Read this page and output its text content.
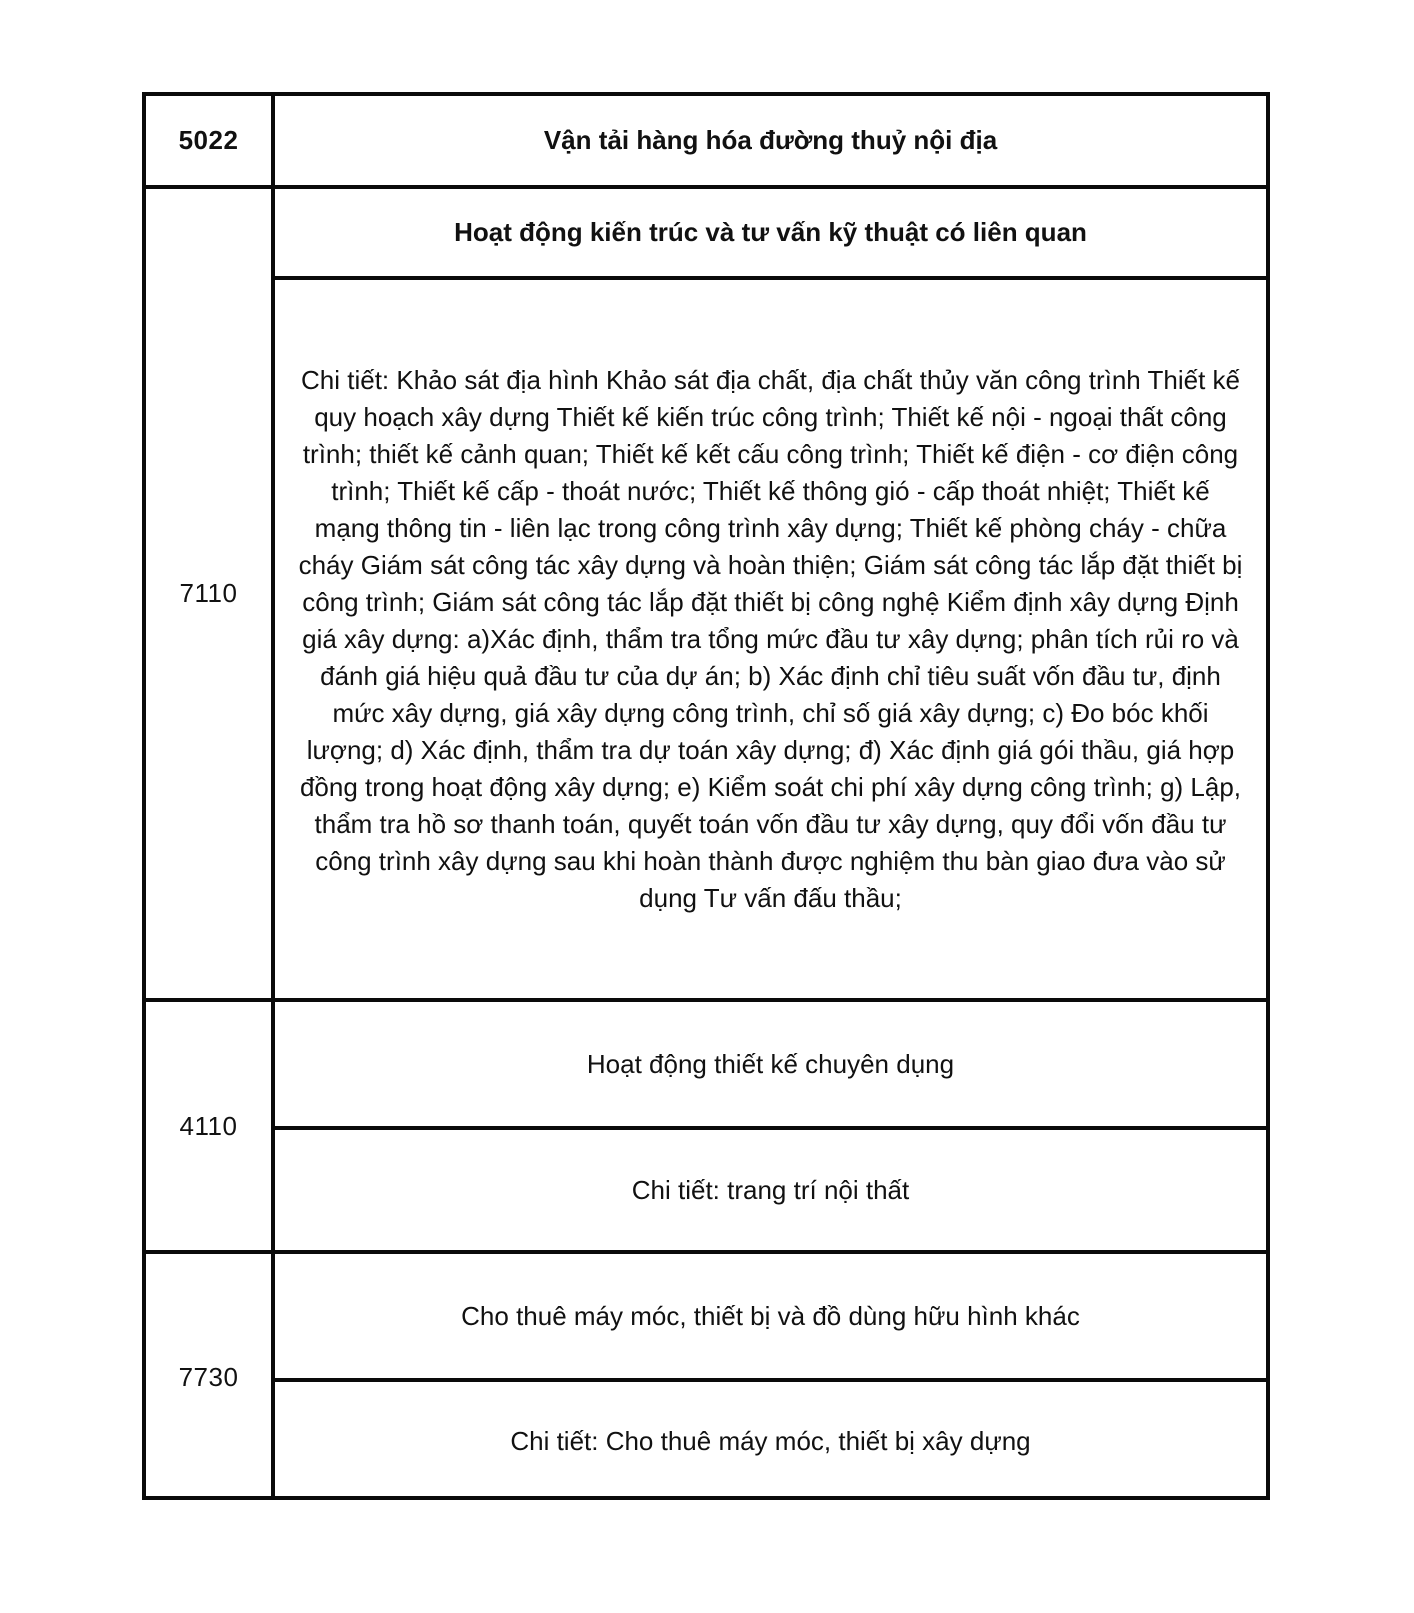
5022	Vận tải hàng hóa đường thuỷ nội địa
7110
Hoạt động kiến trúc và tư vấn kỹ thuật có liên quan
Chi tiết: Khảo sát địa hình Khảo sát địa chất, địa chất thủy văn công trình Thiết kế quy hoạch xây dựng Thiết kế kiến trúc công trình; Thiết kế nội - ngoại thất công trình; thiết kế cảnh quan; Thiết kế kết cấu công trình; Thiết kế điện - cơ điện công trình; Thiết kế cấp - thoát nước; Thiết kế thông gió - cấp thoát nhiệt; Thiết kế mạng thông tin - liên lạc trong công trình xây dựng; Thiết kế phòng cháy - chữa cháy Giám sát công tác xây dựng và hoàn thiện; Giám sát công tác lắp đặt thiết bị công trình; Giám sát công tác lắp đặt thiết bị công nghệ Kiểm định xây dựng Định giá xây dựng: a)Xác định, thẩm tra tổng mức đầu tư xây dựng; phân tích rủi ro và đánh giá hiệu quả đầu tư của dự án; b) Xác định chỉ tiêu suất vốn đầu tư, định mức xây dựng, giá xây dựng công trình, chỉ số giá xây dựng; c) Đo bóc khối lượng; d) Xác định, thẩm tra dự toán xây dựng; đ) Xác định giá gói thầu, giá hợp đồng trong hoạt động xây dựng; e) Kiểm soát chi phí xây dựng công trình; g) Lập, thẩm tra hồ sơ thanh toán, quyết toán vốn đầu tư xây dựng, quy đổi vốn đầu tư công trình xây dựng sau khi hoàn thành được nghiệm thu bàn giao đưa vào sử dụng Tư vấn đấu thầu;
4110
Hoạt động thiết kế chuyên dụng
Chi tiết: trang trí nội thất
7730
Cho thuê máy móc, thiết bị và đồ dùng hữu hình khác
Chi tiết: Cho thuê máy móc, thiết bị xây dựng
